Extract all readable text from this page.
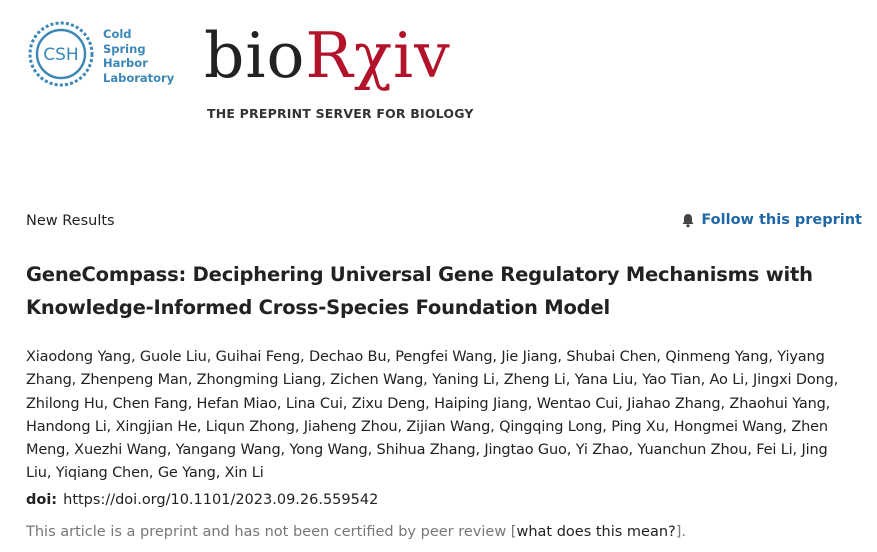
CSH
Cold
Spring
Harbor
Laboratory bioRχiv
THE PREPRINT SERVER FOR BIOLOGY
New Results	Follow this preprint
GeneCompass: Deciphering Universal Gene Regulatory Mechanisms with Knowledge-Informed Cross-Species Foundation Model
Xiaodong Yang, Guole Liu, Guihai Feng, Dechao Bu, Pengfei Wang, Jie Jiang, Shubai Chen, Qinmeng Yang, Yiyang Zhang, Zhenpeng Man, Zhongming Liang, Zichen Wang, Yaning Li, Zheng Li, Yana Liu, Yao Tian, Ao Li, Jingxi Dong, Zhilong Hu, Chen Fang, Hefan Miao, Lina Cui, Zixu Deng, Haiping Jiang, Wentao Cui, Jiahao Zhang, Zhaohui Yang, Handong Li, Xingjian He, Liqun Zhong, Jiaheng Zhou, Zijian Wang, Qingqing Long, Ping Xu, Hongmei Wang, Zhen Meng, Xuezhi Wang, Yangang Wang, Yong Wang, Shihua Zhang, Jingtao Guo, Yi Zhao, Yuanchun Zhou, Fei Li, Jing Liu, Yiqiang Chen, Ge Yang, Xin Li
doi: https://doi.org/10.1101/2023.09.26.559542
This article is a preprint and has not been certified by peer review [what does this mean?].
